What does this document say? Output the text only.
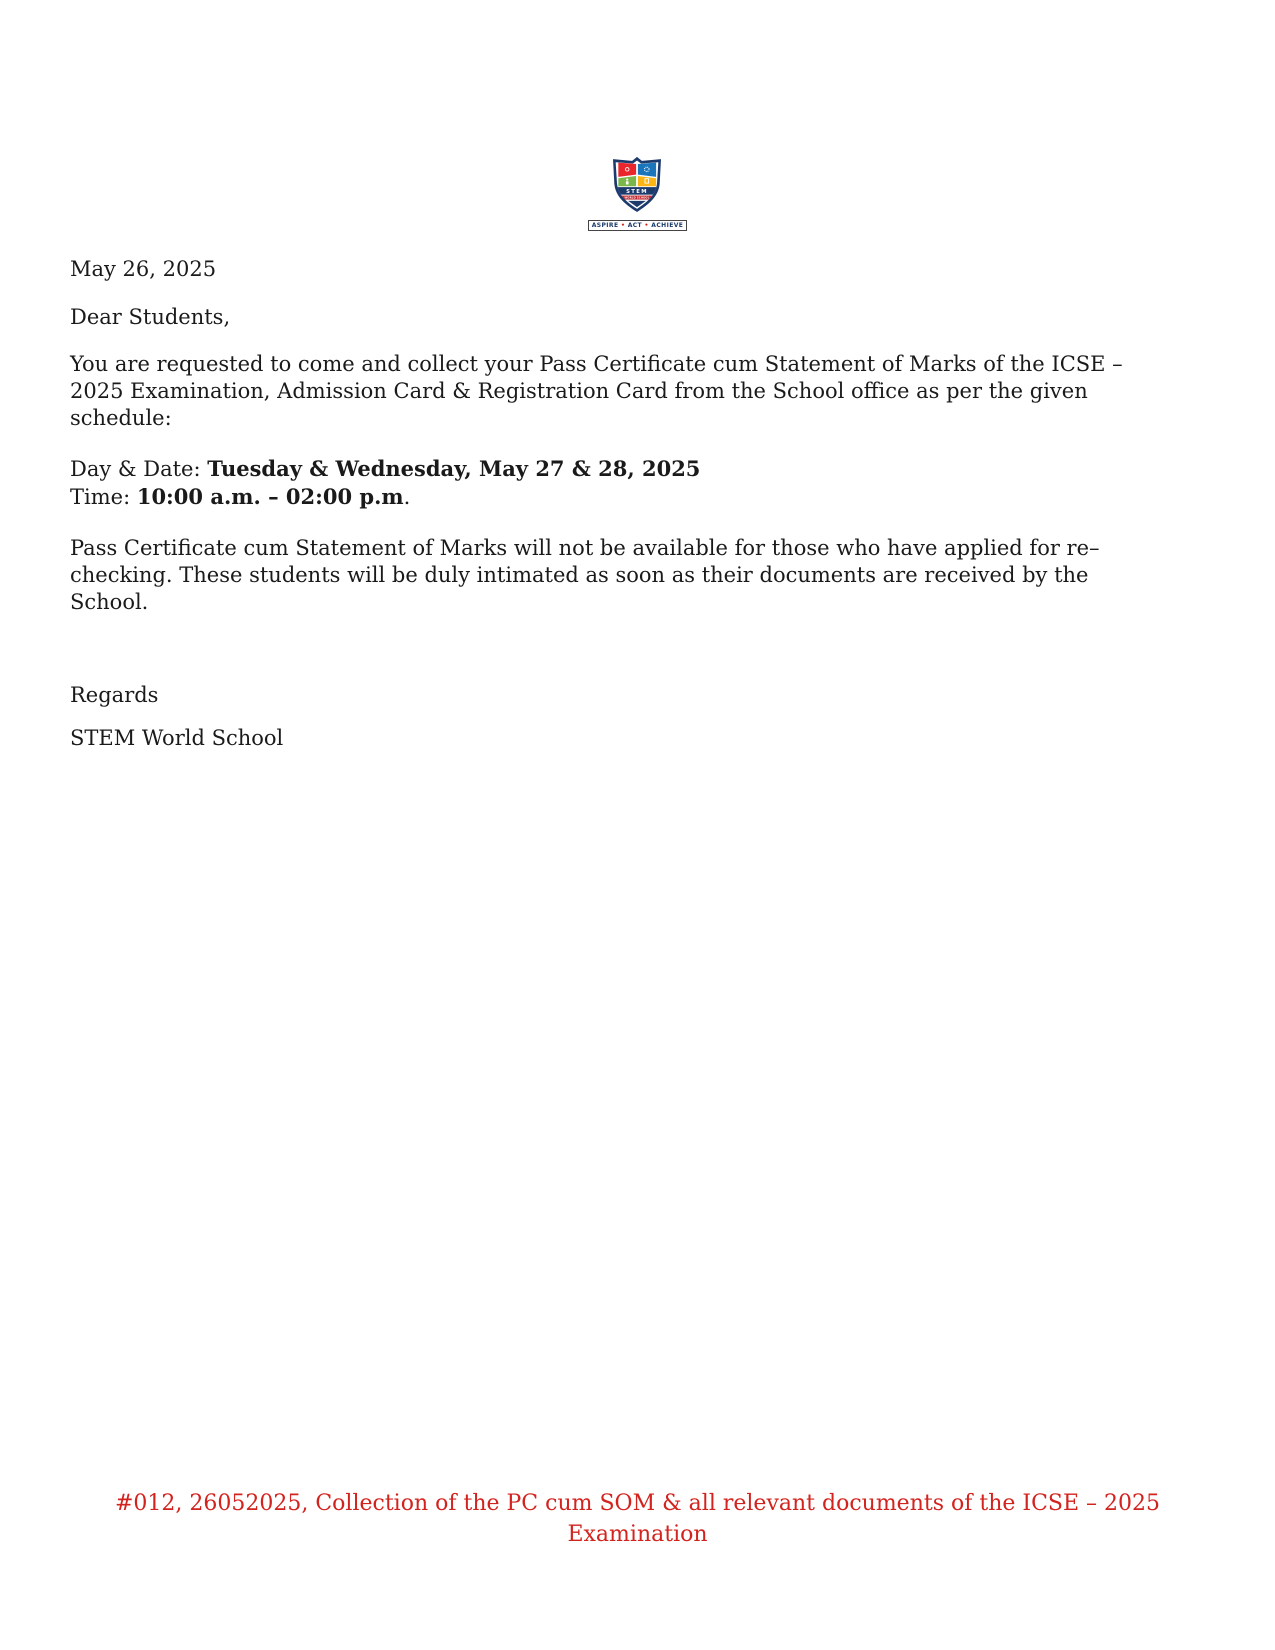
STEM
WORLD SCHOOL
ASPIRE • ACT • ACHIEVE
May 26, 2025
Dear Students,
You are requested to come and collect your Pass Certificate cum Statement of Marks of the ICSE – 2025 Examination, Admission Card & Registration Card from the School office as per the given schedule:
Day & Date: Tuesday & Wednesday, May 27 & 28, 2025
Time: 10:00 a.m. – 02:00 p.m.
Pass Certificate cum Statement of Marks will not be available for those who have applied for re–checking. These students will be duly intimated as soon as their documents are received by the School.
Regards
STEM World School
#012, 26052025, Collection of the PC cum SOM & all relevant documents of the ICSE – 2025 Examination
